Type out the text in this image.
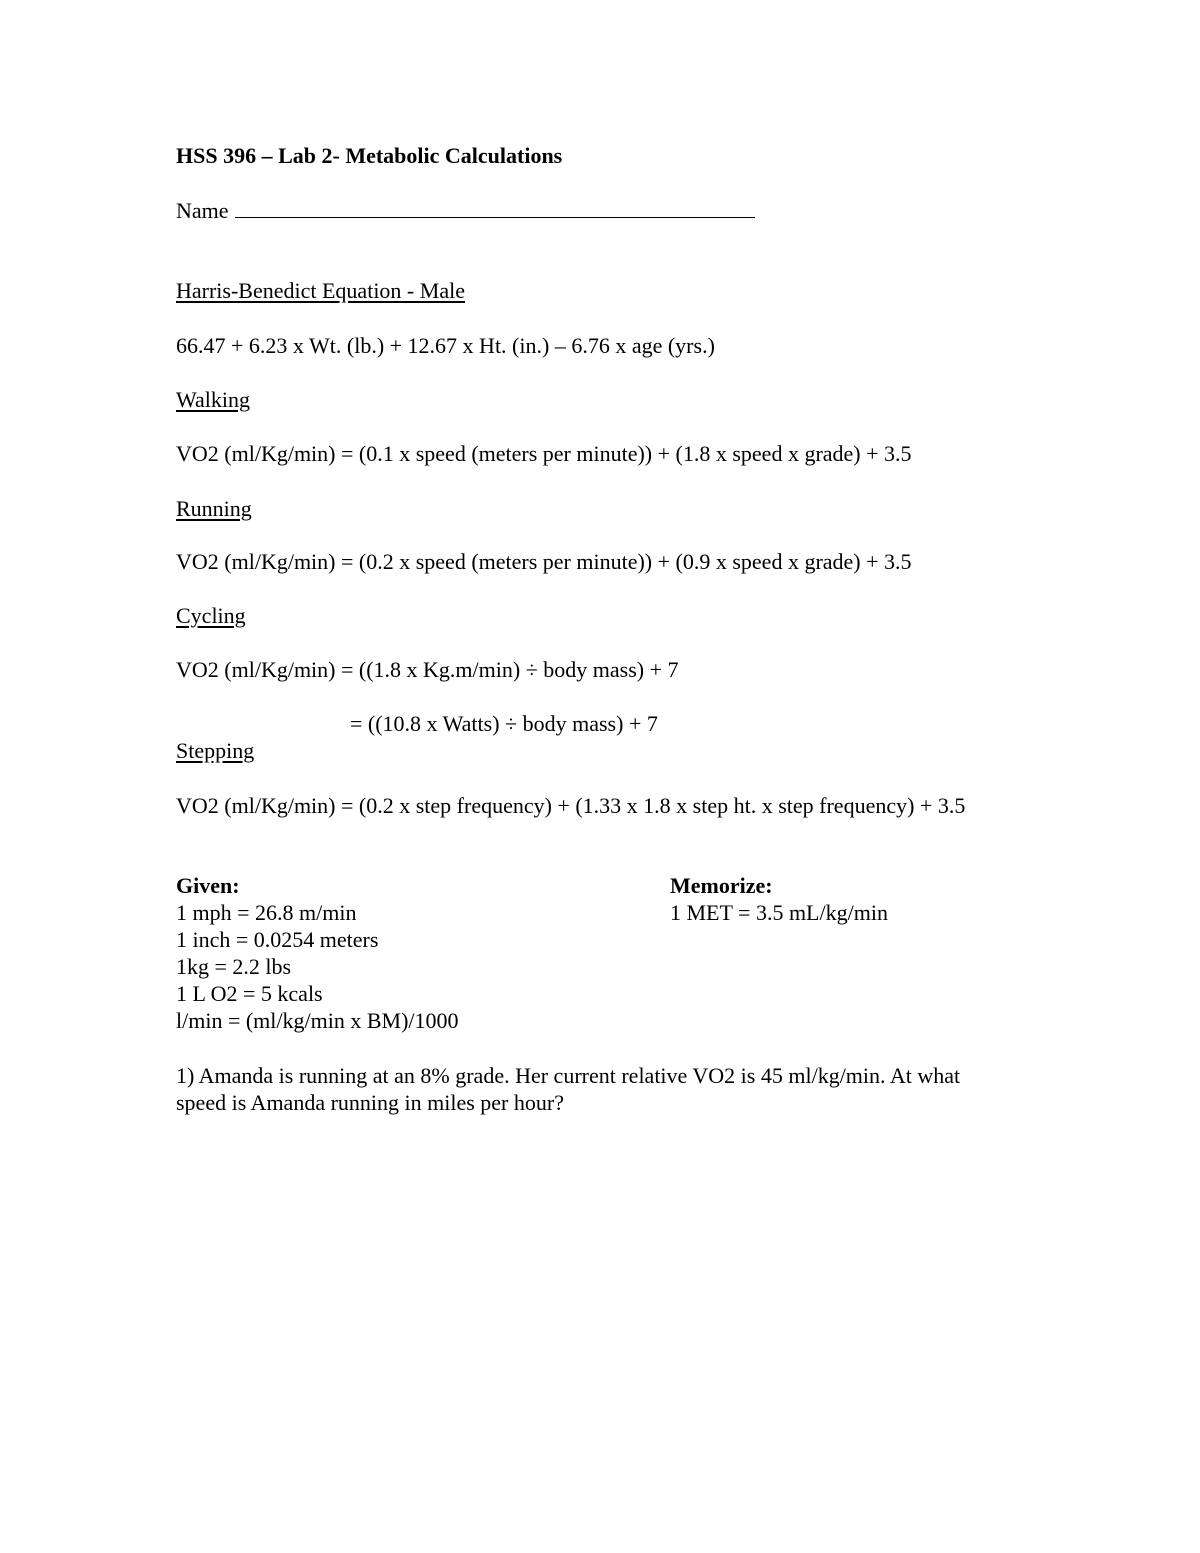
HSS 396 – Lab 2- Metabolic Calculations
Name
Harris-Benedict Equation - Male
66.47 + 6.23 x Wt. (lb.) + 12.67 x Ht. (in.) – 6.76 x age (yrs.)
Walking
VO2 (ml/Kg/min) = (0.1 x speed (meters per minute)) + (1.8 x speed x grade) + 3.5
Running
VO2 (ml/Kg/min) = (0.2 x speed (meters per minute)) + (0.9 x speed x grade) + 3.5
Cycling
VO2 (ml/Kg/min) = ((1.8 x Kg.m/min) ÷ body mass) + 7
= ((10.8 x Watts) ÷ body mass) + 7
Stepping
VO2 (ml/Kg/min) = (0.2 x step frequency) + (1.33 x 1.8 x step ht. x step frequency) + 3.5
Given:
1 mph = 26.8 m/min
1 inch = 0.0254 meters
1kg = 2.2 lbs
1 L O2 = 5 kcals
l/min = (ml/kg/min x BM)/1000
Memorize:
1 MET = 3.5 mL/kg/min
1) Amanda is running at an 8% grade. Her current relative VO2 is 45 ml/kg/min. At what
speed is Amanda running in miles per hour?
